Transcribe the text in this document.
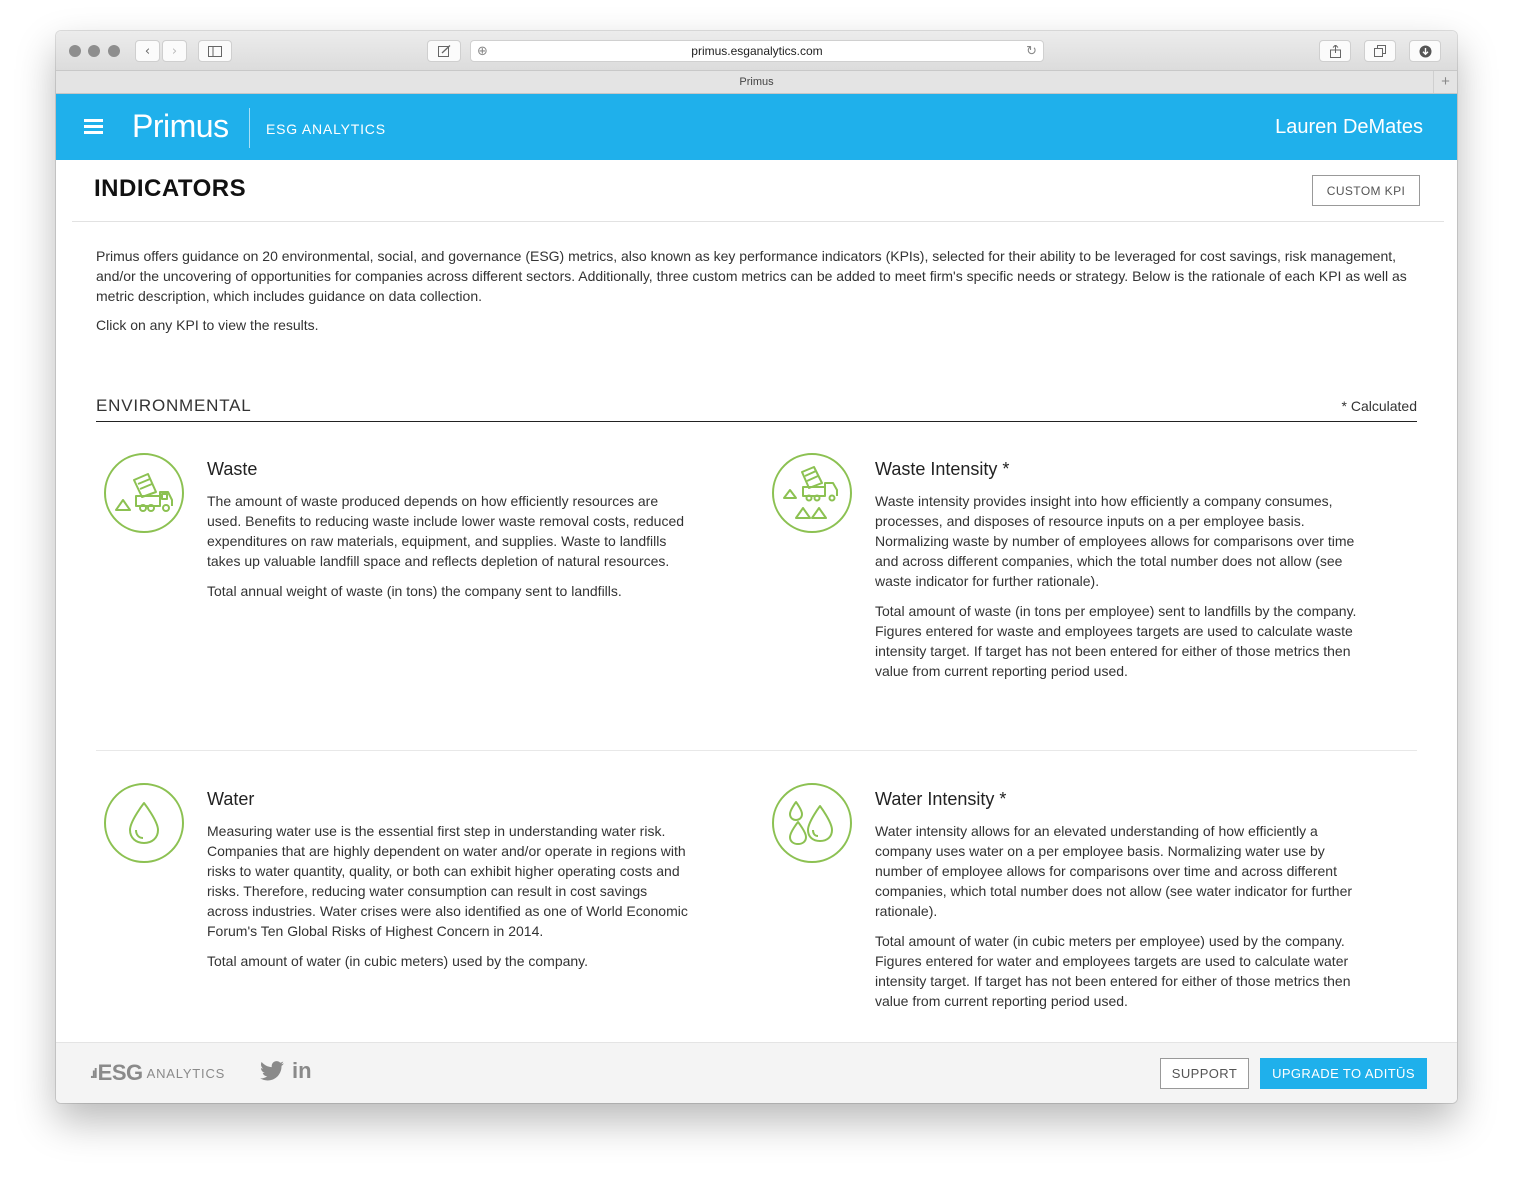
‹ ›	⊕	primus.esganalytics.com	↻
Primus	+
Primus	ESG ANALYTICS	Lauren DeMates
INDICATORS	CUSTOM KPI
Primus offers guidance on 20 environmental, social, and governance (ESG) metrics, also known as key performance indicators (KPIs), selected for their ability to be leveraged for cost savings, risk management, and/or the uncovering of opportunities for companies across different sectors. Additionally, three custom metrics can be added to meet firm's specific needs or strategy. Below is the rationale of each KPI as well as metric description, which includes guidance on data collection.
Click on any KPI to view the results.
ENVIRONMENTAL	* Calculated
Waste

The amount of waste produced depends on how efficiently resources are used. Benefits to reducing waste include lower waste removal costs, reduced expenditures on raw materials, equipment, and supplies. Waste to landfills takes up valuable landfill space and reflects depletion of natural resources.

Total annual weight of waste (in tons) the company sent to landfills.

Waste Intensity *

Waste intensity provides insight into how efficiently a company consumes, processes, and disposes of resource inputs on a per employee basis. Normalizing waste by number of employees allows for comparisons over time and across different companies, which the total number does not allow (see waste indicator for further rationale).

Total amount of waste (in tons per employee) sent to landfills by the company. Figures entered for waste and employees targets are used to calculate waste intensity target. If target has not been entered for either of those metrics then value from current reporting period used.

Water

Measuring water use is the essential first step in understanding water risk. Companies that are highly dependent on water and/or operate in regions with risks to water quantity, quality, or both can exhibit higher operating costs and risks. Therefore, reducing water consumption can result in cost savings across industries. Water crises were also identified as one of World Economic Forum's Ten Global Risks of Highest Concern in 2014.

Total amount of water (in cubic meters) used by the company.

Water Intensity *

Water intensity allows for an elevated understanding of how efficiently a company uses water on a per employee basis. Normalizing water use by number of employee allows for comparisons over time and across different companies, which total number does not allow (see water indicator for further rationale).

Total amount of water (in cubic meters per employee) used by the company. Figures entered for water and employees targets are used to calculate water intensity target. If target has not been entered for either of those metrics then value from current reporting period used.

.ıl ESG ANALYTICS	in	SUPPORT	UPGRADE TO ADITŪS
